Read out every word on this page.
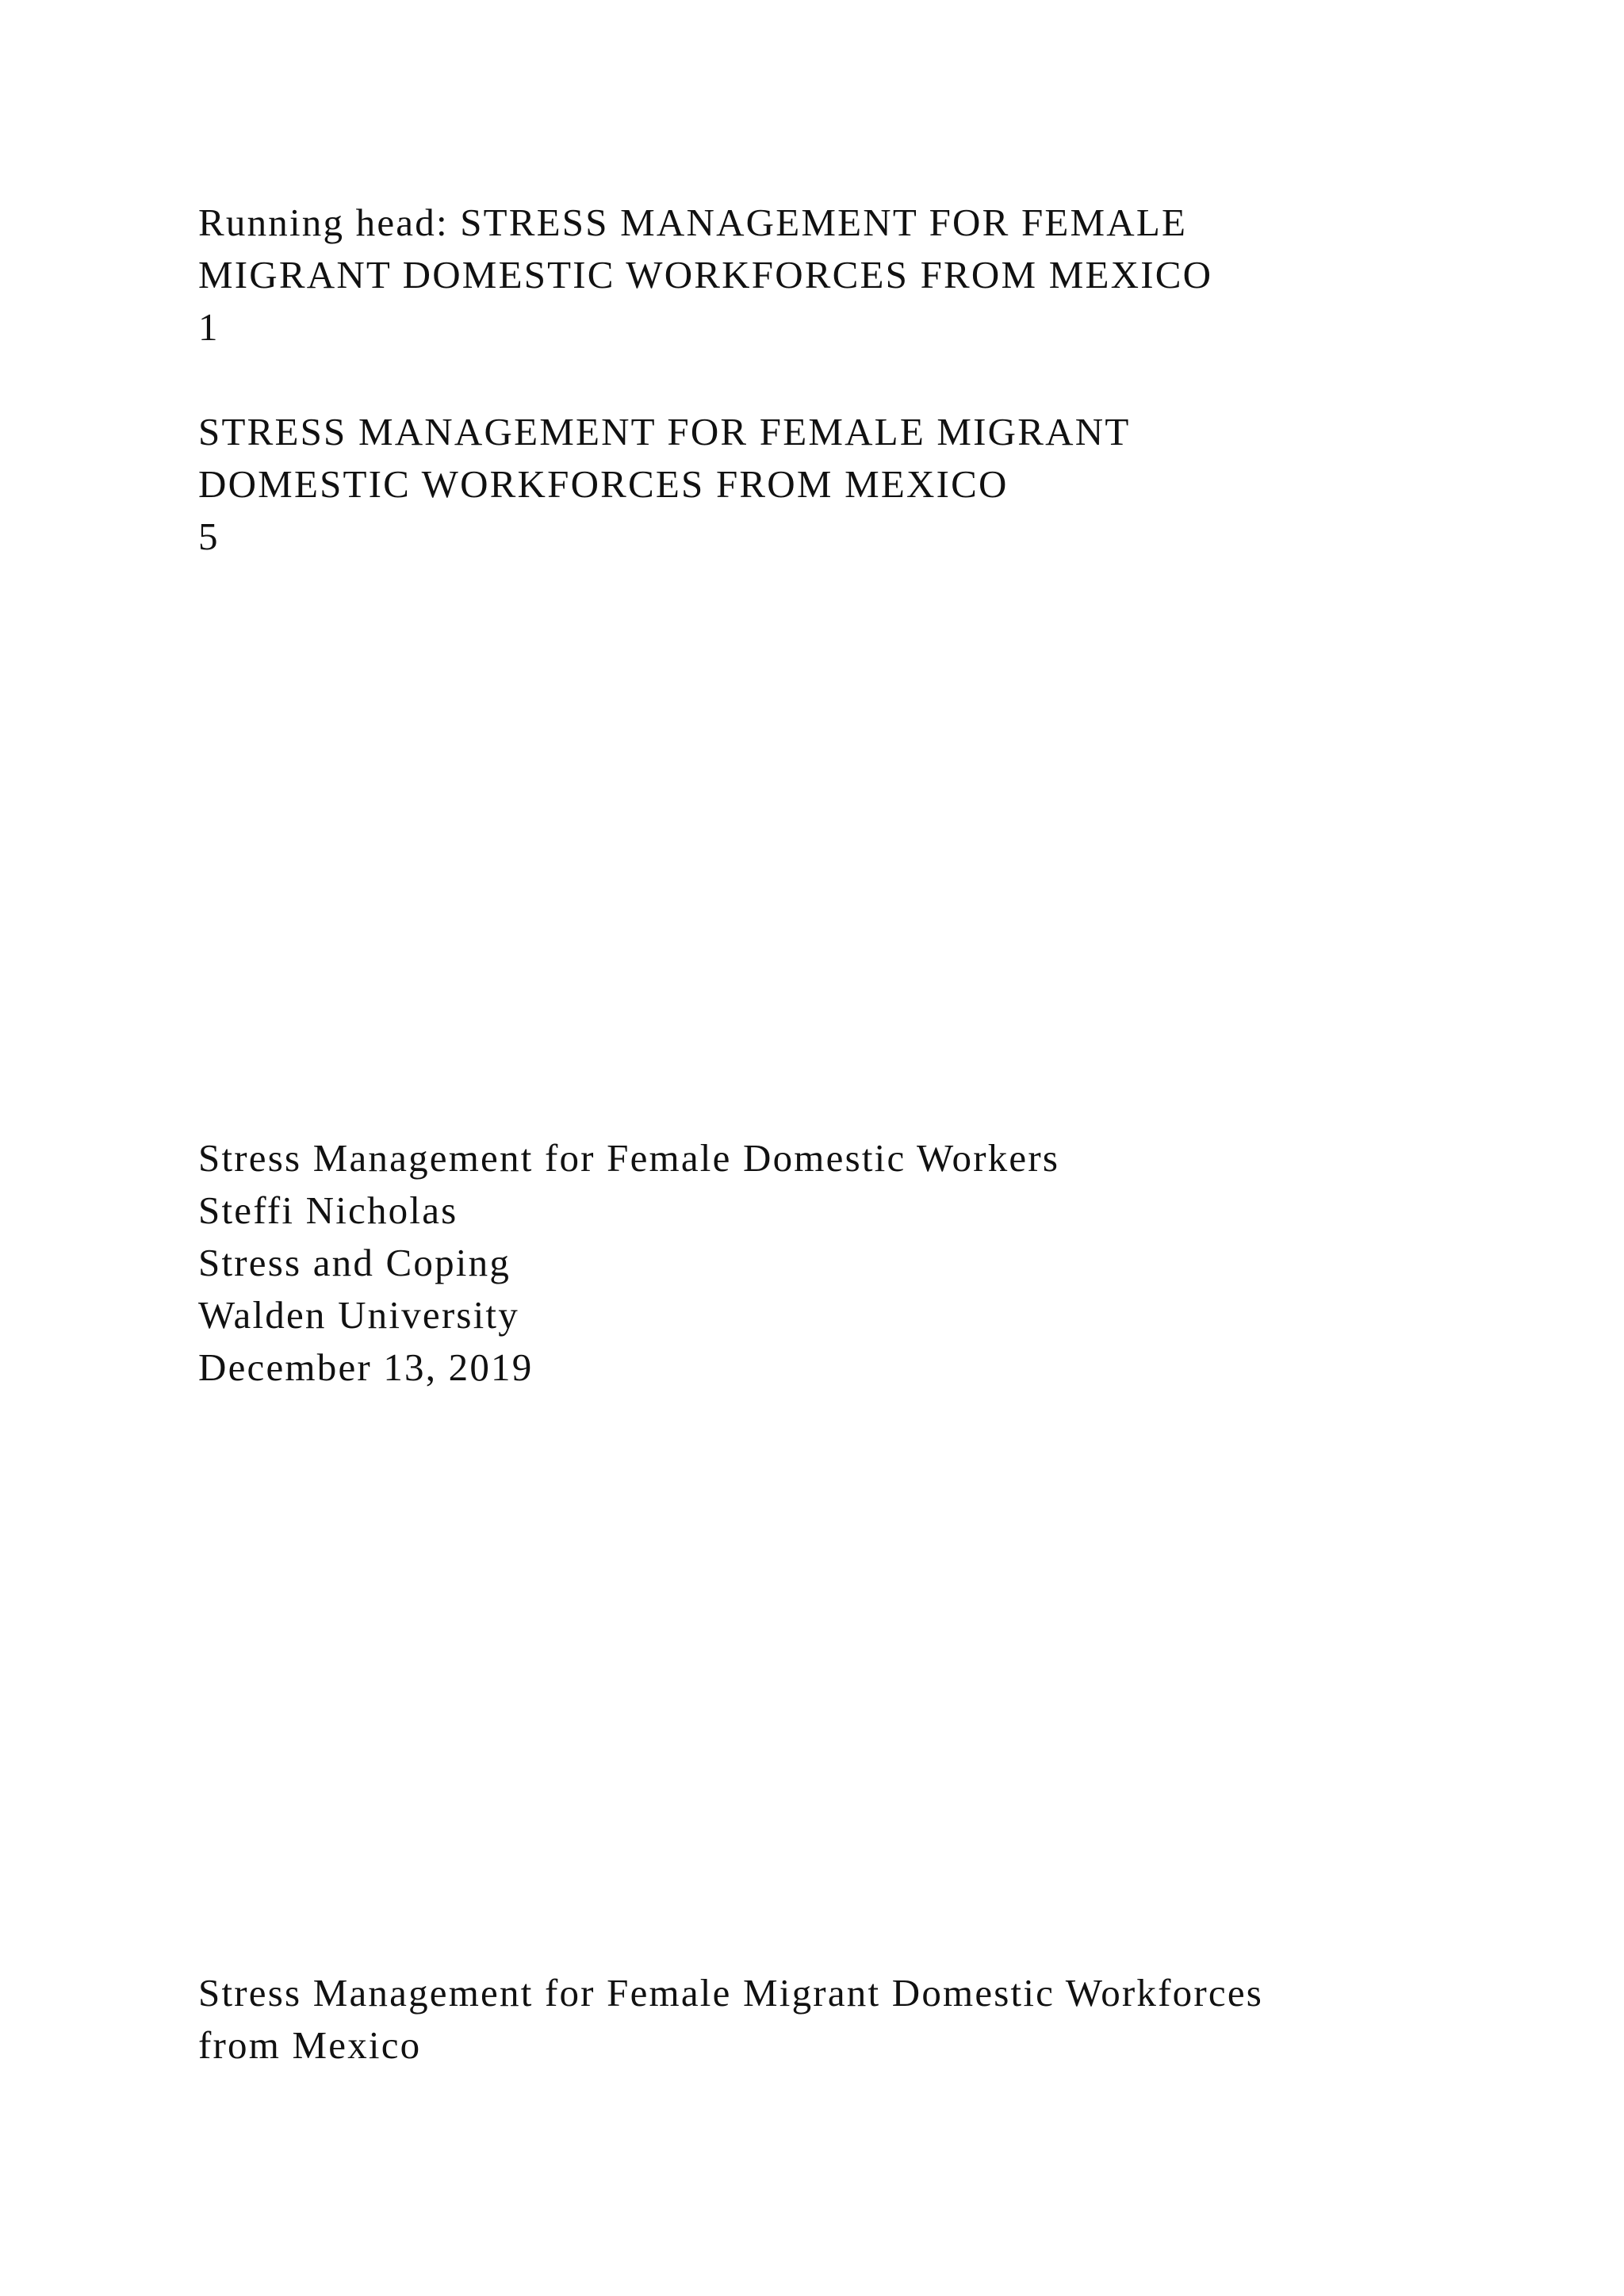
Running head: STRESS MANAGEMENT FOR FEMALE
MIGRANT DOMESTIC WORKFORCES FROM MEXICO
1
STRESS MANAGEMENT FOR FEMALE MIGRANT
DOMESTIC WORKFORCES FROM MEXICO
5
Stress Management for Female Domestic Workers
Steffi Nicholas
Stress and Coping
Walden University
December 13, 2019
Stress Management for Female Migrant Domestic Workforces
from Mexico
